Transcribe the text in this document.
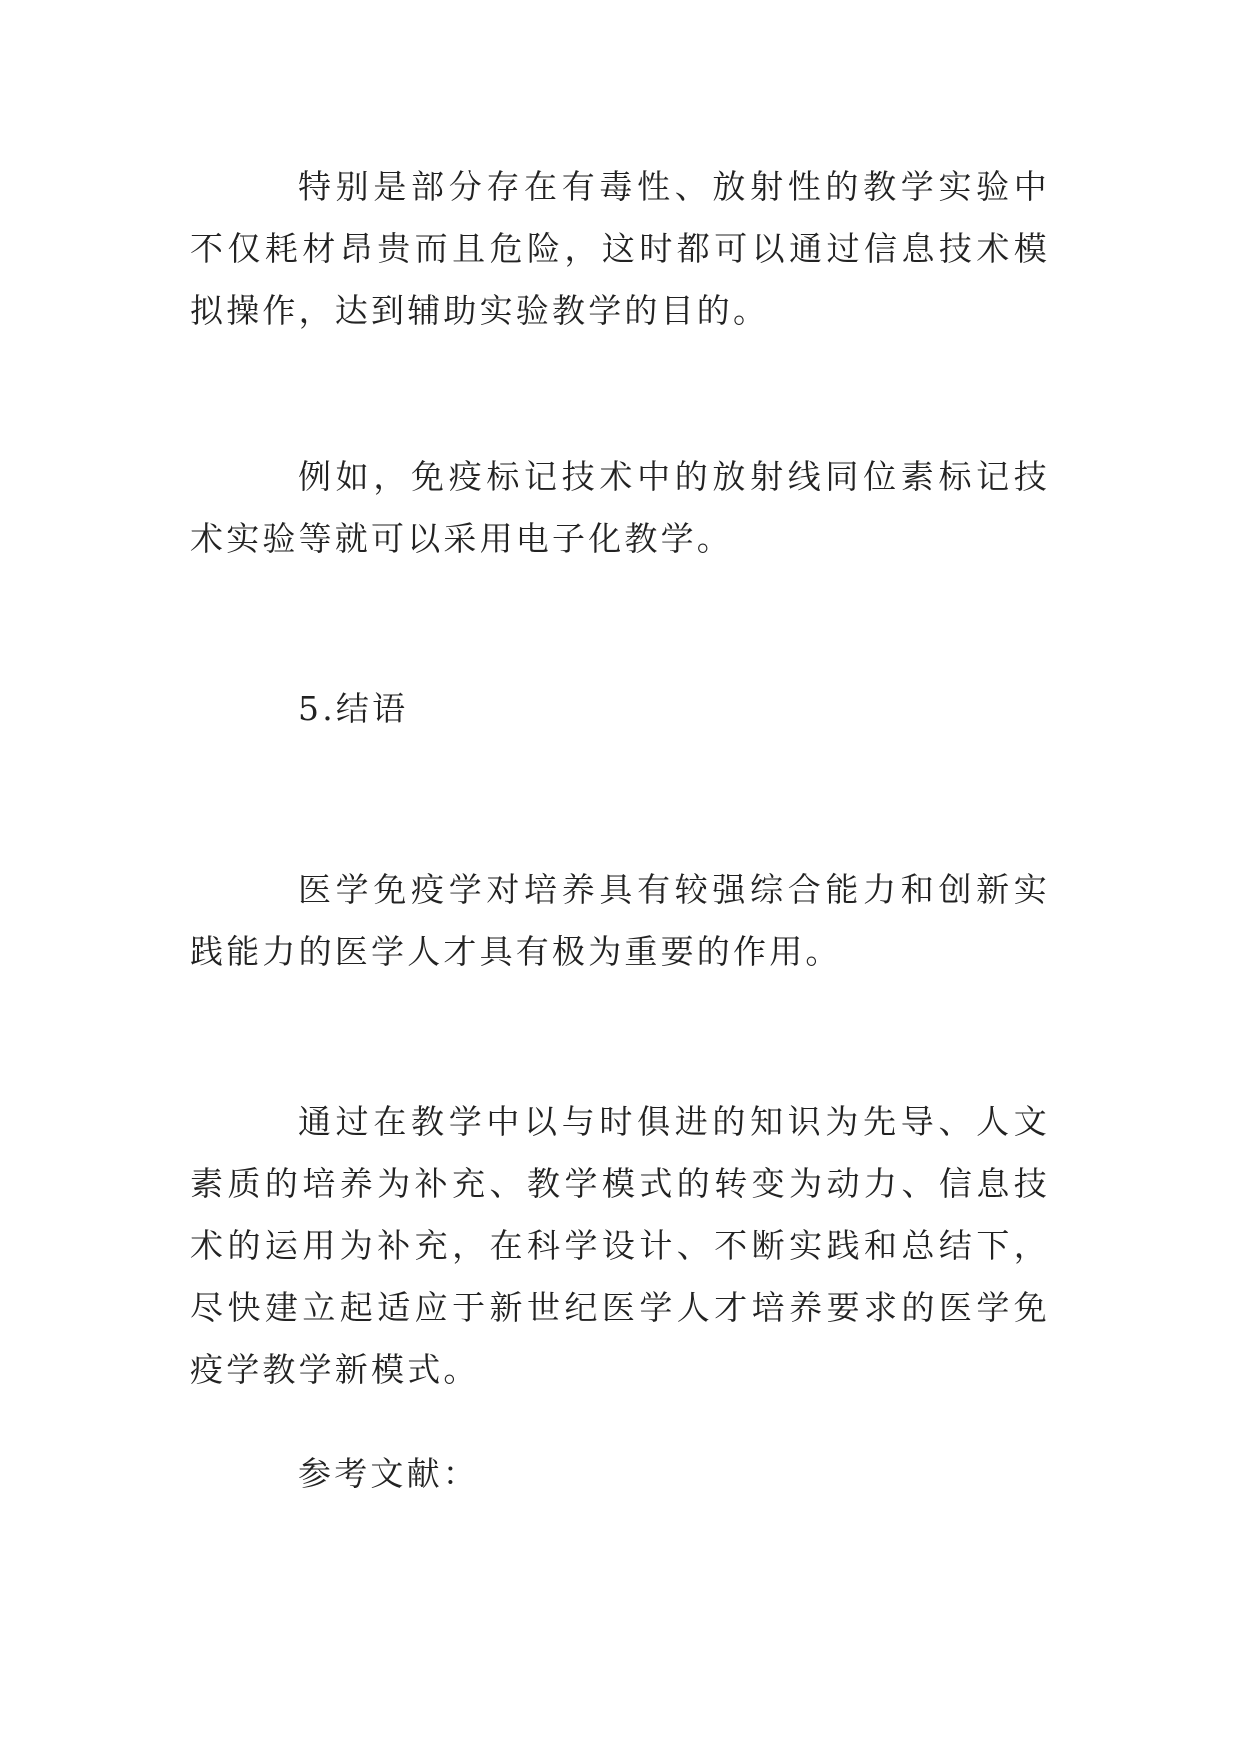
特别是部分存在有毒性、放射性的教学实验中不仅耗材昂贵而且危险，这时都可以通过信息技术模拟操作，达到辅助实验教学的目的。

例如，免疫标记技术中的放射线同位素标记技术实验等就可以采用电子化教学。

5.结语

医学免疫学对培养具有较强综合能力和创新实践能力的医学人才具有极为重要的作用。

通过在教学中以与时俱进的知识为先导、人文素质的培养为补充、教学模式的转变为动力、信息技术的运用为补充，在科学设计、不断实践和总结下，尽快建立起适应于新世纪医学人才培养要求的医学免疫学教学新模式。

参考文献：
